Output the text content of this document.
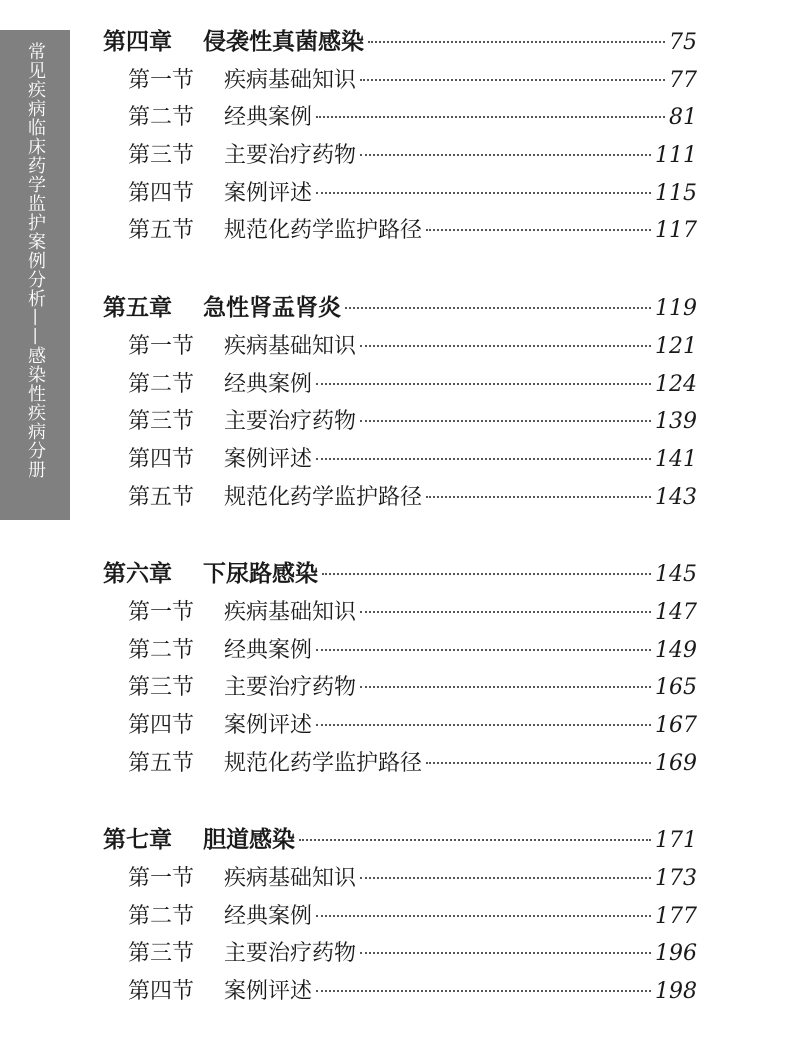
常见疾病临床药学监护案例分析——感染性疾病分册 第四章	侵袭性真菌感染	75
第一节	疾病基础知识	77
第二节	经典案例	81
第三节	主要治疗药物	111
第四节	案例评述	115
第五节	规范化药学监护路径	117
第五章	急性肾盂肾炎	119
第一节	疾病基础知识	121
第二节	经典案例	124
第三节	主要治疗药物	139
第四节	案例评述	141
第五节	规范化药学监护路径	143
第六章	下尿路感染	145
第一节	疾病基础知识	147
第二节	经典案例	149
第三节	主要治疗药物	165
第四节	案例评述	167
第五节	规范化药学监护路径	169
第七章	胆道感染	171
第一节	疾病基础知识	173
第二节	经典案例	177
第三节	主要治疗药物	196
第四节	案例评述	198
